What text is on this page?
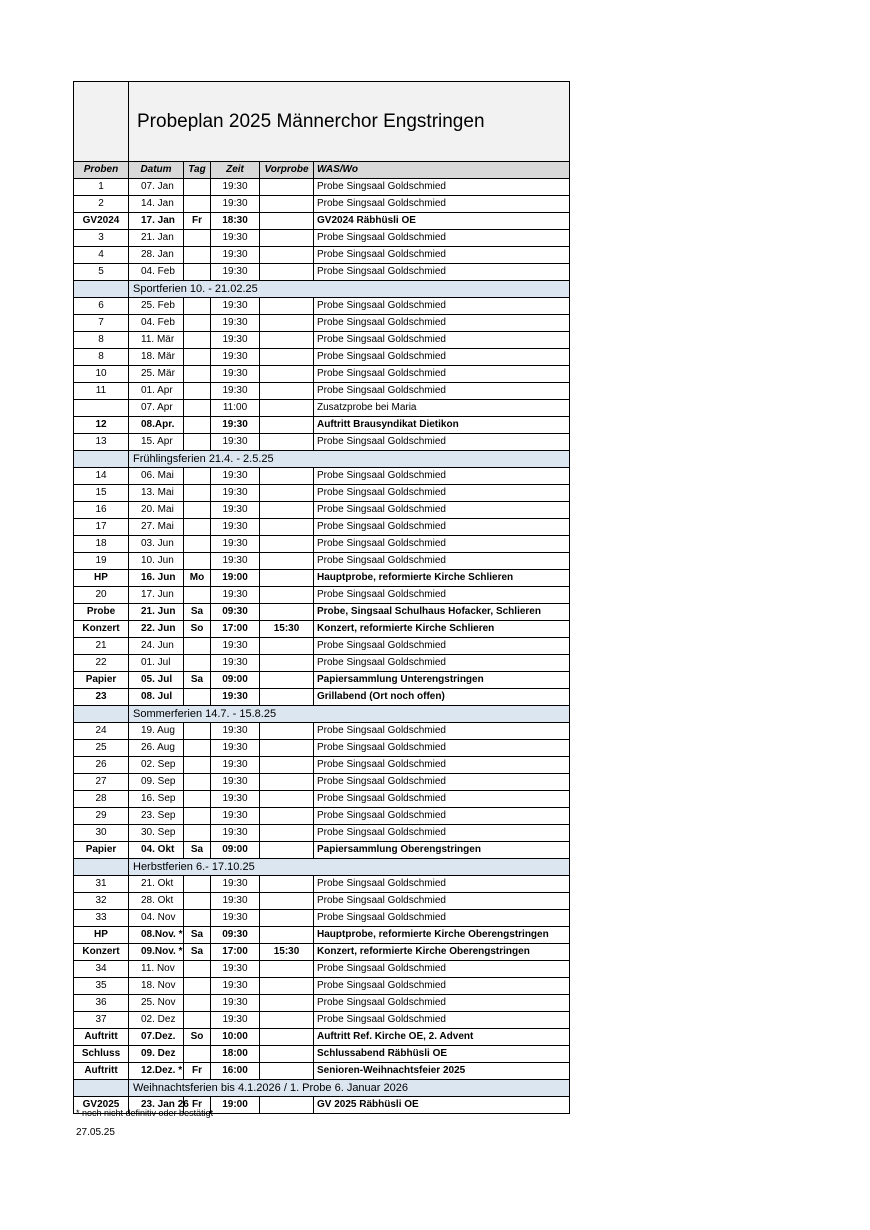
	Probeplan 2025 Männerchor Engstringen				
Proben	Datum	Tag	Zeit	Vorprobe	WAS/Wo
1	07. Jan		19:30		Probe Singsaal Goldschmied
2	14. Jan		19:30		Probe Singsaal Goldschmied
GV2024	17. Jan	Fr	18:30		GV2024 Räbhüsli OE
3	21. Jan		19:30		Probe Singsaal Goldschmied
4	28. Jan		19:30		Probe Singsaal Goldschmied
5	04. Feb		19:30		Probe Singsaal Goldschmied
	Sportferien 10. - 21.02.25				
6	25. Feb		19:30		Probe Singsaal Goldschmied
7	04. Feb		19:30		Probe Singsaal Goldschmied
8	11. Mär		19:30		Probe Singsaal Goldschmied
8	18. Mär		19:30		Probe Singsaal Goldschmied
10	25. Mär		19:30		Probe Singsaal Goldschmied
11	01. Apr		19:30		Probe Singsaal Goldschmied
	07. Apr		11:00		Zusatzprobe bei Maria
12	08.Apr.		19:30		Auftritt Brausyndikat Dietikon
13	15. Apr		19:30		Probe Singsaal Goldschmied
	Frühlingsferien 21.4. - 2.5.25				
14	06. Mai		19:30		Probe Singsaal Goldschmied
15	13. Mai		19:30		Probe Singsaal Goldschmied
16	20. Mai		19:30		Probe Singsaal Goldschmied
17	27. Mai		19:30		Probe Singsaal Goldschmied
18	03. Jun		19:30		Probe Singsaal Goldschmied
19	10. Jun		19:30		Probe Singsaal Goldschmied
HP	16. Jun	Mo	19:00		Hauptprobe, reformierte Kirche Schlieren
20	17. Jun		19:30		Probe Singsaal Goldschmied
Probe	21. Jun	Sa	09:30		Probe, Singsaal Schulhaus Hofacker, Schlieren
Konzert	22. Jun	So	17:00	15:30	Konzert, reformierte Kirche Schlieren
21	24. Jun		19:30		Probe Singsaal Goldschmied
22	01. Jul		19:30		Probe Singsaal Goldschmied
Papier	05. Jul	Sa	09:00		Papiersammlung Unterengstringen
23	08. Jul		19:30		Grillabend (Ort noch offen)
	Sommerferien 14.7. - 15.8.25				
24	19. Aug		19:30		Probe Singsaal Goldschmied
25	26. Aug		19:30		Probe Singsaal Goldschmied
26	02. Sep		19:30		Probe Singsaal Goldschmied
27	09. Sep		19:30		Probe Singsaal Goldschmied
28	16. Sep		19:30		Probe Singsaal Goldschmied
29	23. Sep		19:30		Probe Singsaal Goldschmied
30	30. Sep		19:30		Probe Singsaal Goldschmied
Papier	04. Okt	Sa	09:00		Papiersammlung Oberengstringen
	Herbstferien 6.- 17.10.25				
31	21. Okt		19:30		Probe Singsaal Goldschmied
32	28. Okt		19:30		Probe Singsaal Goldschmied
33	04. Nov		19:30		Probe Singsaal Goldschmied
HP	08.Nov. *	Sa	09:30		Hauptprobe, reformierte Kirche Oberengstringen
Konzert	09.Nov. *	Sa	17:00	15:30	Konzert, reformierte Kirche Oberengstringen
34	11. Nov		19:30		Probe Singsaal Goldschmied
35	18. Nov		19:30		Probe Singsaal Goldschmied
36	25. Nov		19:30		Probe Singsaal Goldschmied
37	02. Dez		19:30		Probe Singsaal Goldschmied
Auftritt	07.Dez.	So	10:00		Auftritt Ref. Kirche OE, 2. Advent
Schluss	09. Dez		18:00		Schlussabend Räbhüsli OE
Auftritt	12.Dez. *	Fr	16:00		Senioren-Weihnachtsfeier 2025
	Weihnachtsferien bis 4.1.2026 / 1. Probe 6. Januar 2026				
GV2025	23. Jan 26	Fr	19:00		GV 2025 Räbhüsli OE
* noch nicht definitiv oder bestätigt
27.05.25
